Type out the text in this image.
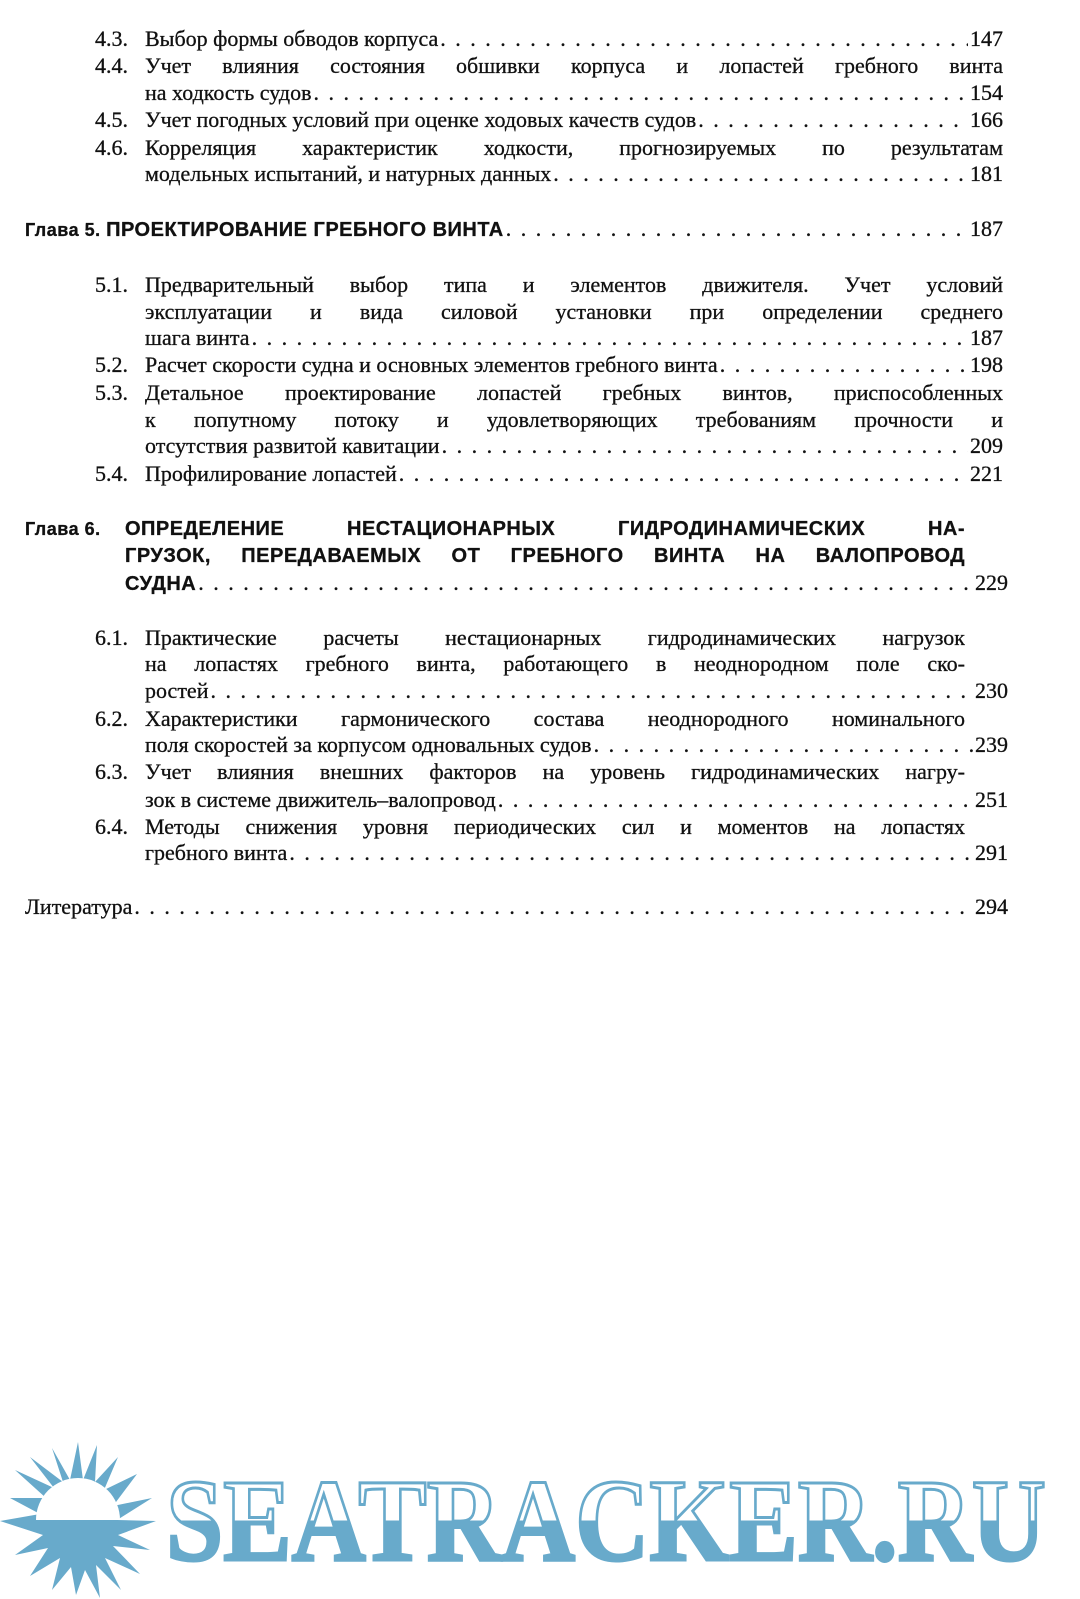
4.3. Выбор формы обводов корпуса . . .	147
4.4. Учет влияния состояния обшивки корпуса и лопастей гребного винта
на ходкость судов . . .	154
4.5. Учет погодных условий при оценке ходовых качеств судов . . .	166
4.6. Корреляция характеристик ходкости, прогнозируемых по результатам
модельных испытаний, и натурных данных . . .	181
Глава 5. ПРОЕКТИРОВАНИЕ ГРЕБНОГО ВИНТА . . .	187
5.1. Предварительный выбор типа и элементов движителя. Учет условий
эксплуатации и вида силовой установки при определении среднего
шага винта . . .	187
5.2. Расчет скорости судна и основных элементов гребного винта . . .	198
5.3. Детальное проектирование лопастей гребных винтов, приспособленных
к попутному потоку и удовлетворяющих требованиям прочности и
отсутствия развитой кавитации . . .	209
5.4. Профилирование лопастей . . .	221
Глава 6.	ОПРЕДЕЛЕНИЕ НЕСТАЦИОНАРНЫХ ГИДРОДИНАМИЧЕСКИХ НА-
ГРУЗОК, ПЕРЕДАВАЕМЫХ ОТ ГРЕБНОГО ВИНТА НА ВАЛОПРОВОД
СУДНА . . .	229
6.1. Практические расчеты нестационарных гидродинамических нагрузок
на лопастях гребного винта, работающего в неоднородном поле ско-
ростей . . .	230
6.2. Характеристики гармонического состава неоднородного номинального
поля скоростей за корпусом одновальных судов . . .	239
6.3. Учет влияния внешних факторов на уровень гидродинамических нагру-
зок в системе движитель–валопровод . . .	251
6.4. Методы снижения уровня периодических сил и моментов на лопастях
гребного винта . . .	291
Литература . . .	294
SEATRACKER.RU
